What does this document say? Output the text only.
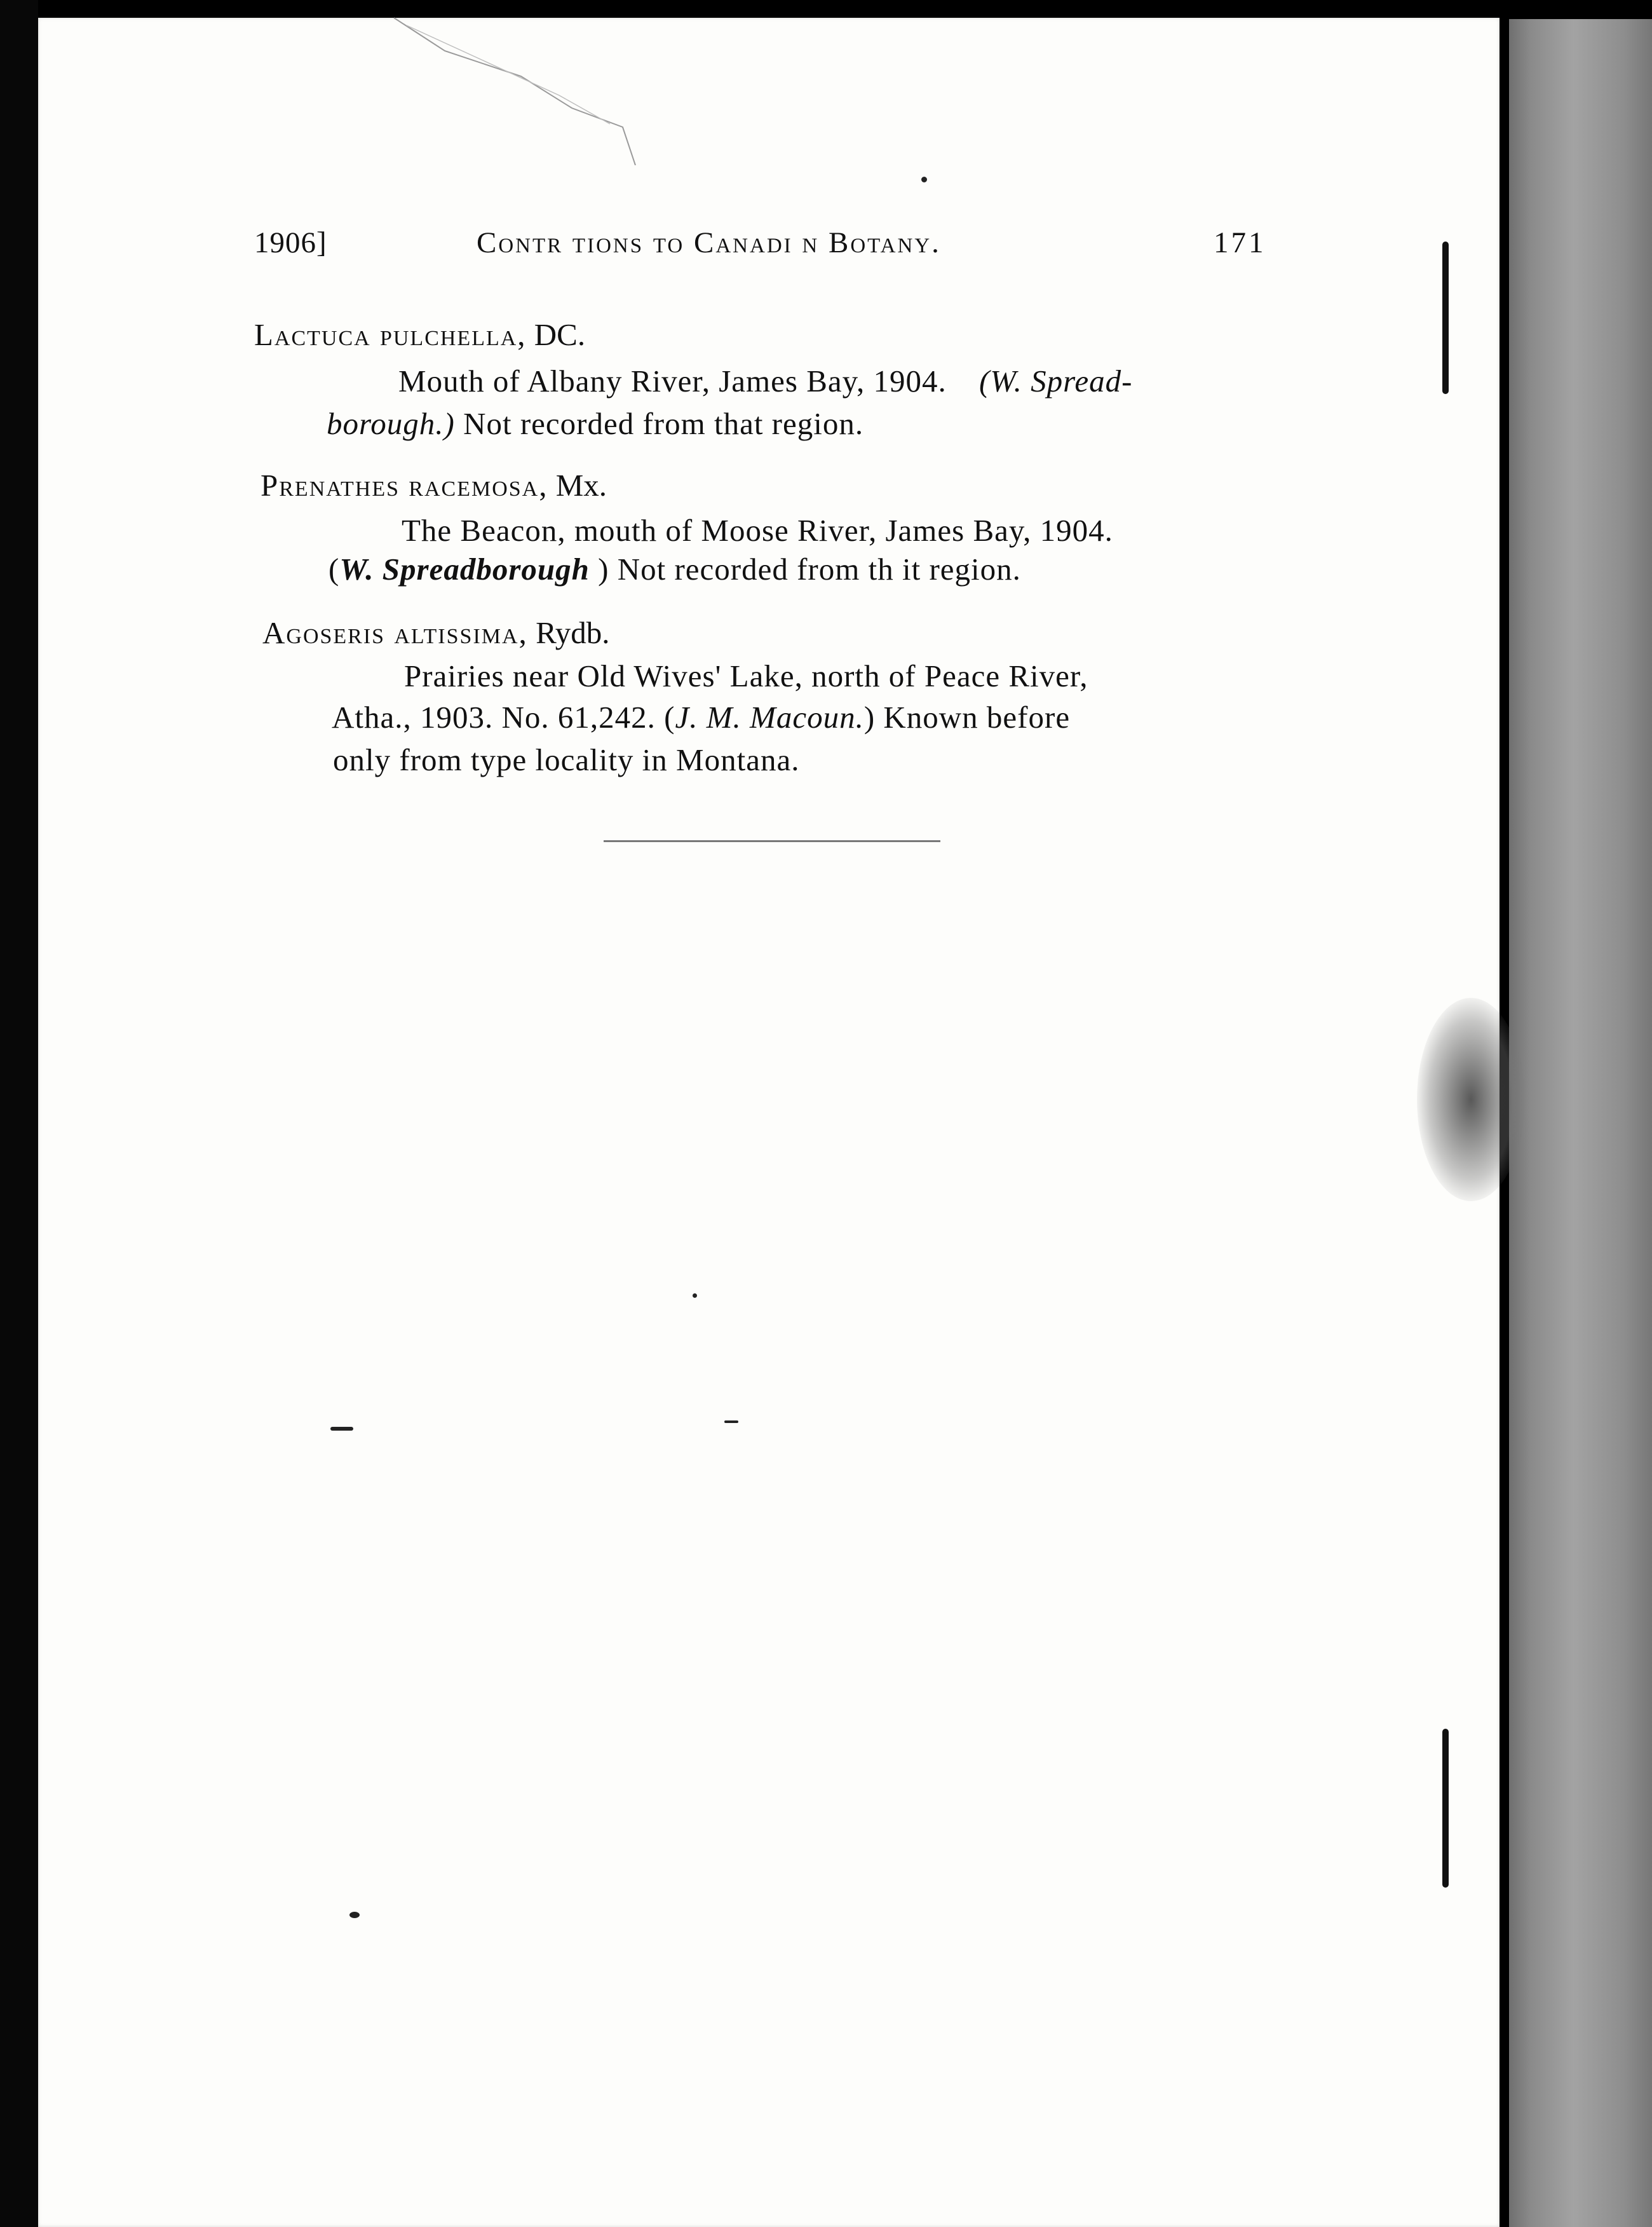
1906]	Contr tions to Canadi n Botany.	171
Lactuca pulchella, DC.
Mouth of Albany River, James Bay, 1904. (W. Spread-
borough.) Not recorded from that region.
Prenathes racemosa, Mx.
The Beacon, mouth of Moose River, James Bay, 1904.
(W. Spreadborough ) Not recorded from th it region.
Agoseris altissima, Rydb.
Prairies near Old Wives' Lake, north of Peace River,
Atha., 1903. No. 61,242. (J. M. Macoun.) Known before
only from type locality in Montana.
